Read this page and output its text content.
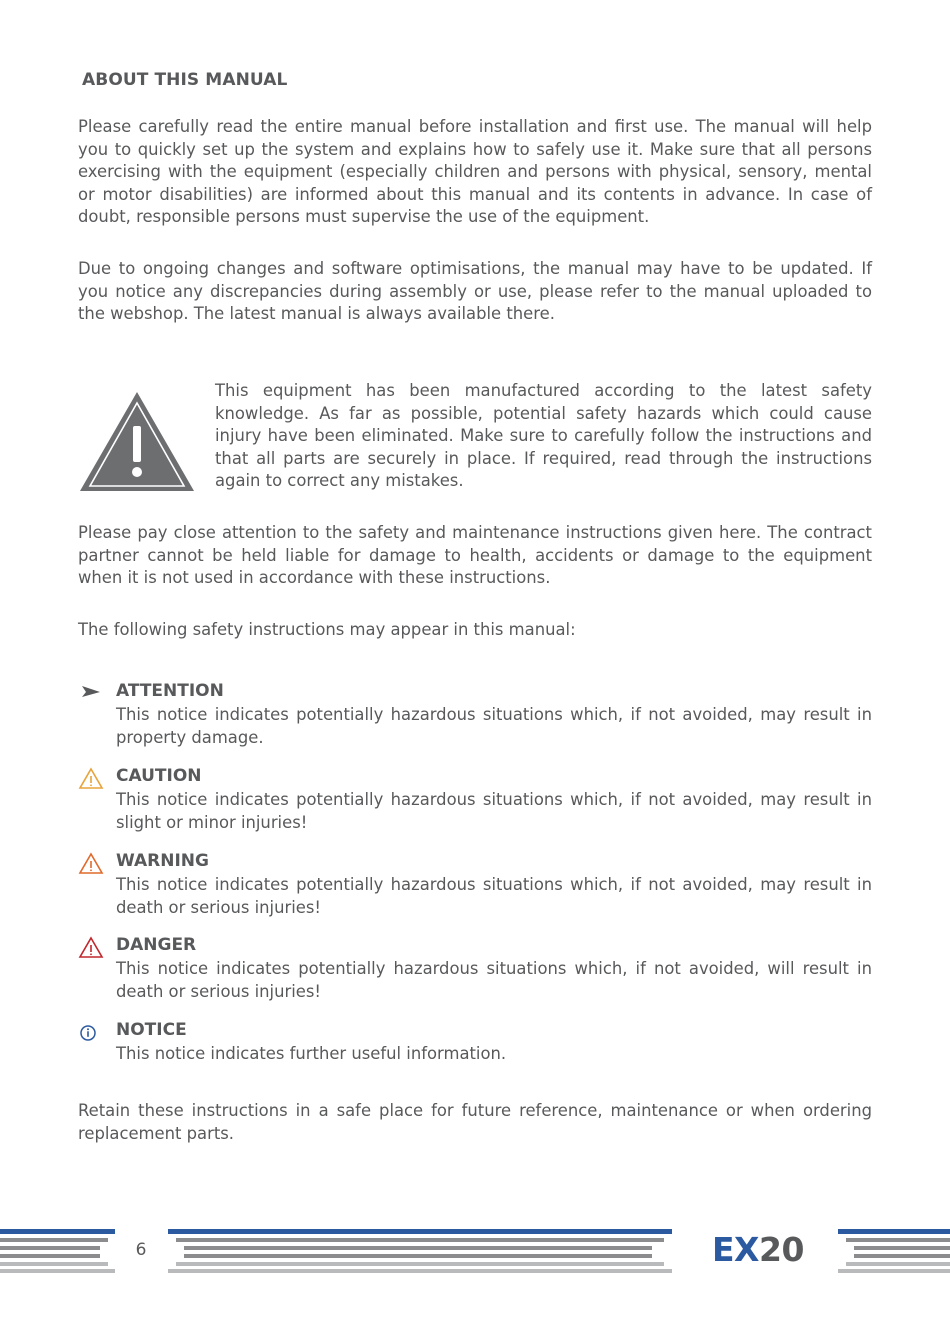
ABOUT THIS MANUAL

Please carefully read the entire manual before installation and first use. The manual will help you to quickly set up the system and explains how to safely use it. Make sure that all persons exercising with the equipment (especially children and persons with physical, sensory, mental or motor disabilities) are informed about this manual and its contents in advance. In case of doubt, responsible persons must supervise the use of the equipment.

Due to ongoing changes and software optimisations, the manual may have to be updated. If you notice any discrepancies during assembly or use, please refer to the manual uploaded to the webshop. The latest manual is always available there.

This equipment has been manufactured according to the latest safety knowledge. As far as possible, potential safety hazards which could cause injury have been eliminated. Make sure to carefully follow the instructions and that all parts are securely in place. If required, read through the instructions again to correct any mistakes.

Please pay close attention to the safety and maintenance instructions given here. The contract partner cannot be held liable for damage to health, accidents or damage to the equipment when it is not used in accordance with these instructions.

The following safety instructions may appear in this manual:

ATTENTION

This notice indicates potentially hazardous situations which, if not avoided, may result in property damage.

CAUTION

This notice indicates potentially hazardous situations which, if not avoided, may result in slight or minor injuries!

WARNING

This notice indicates potentially hazardous situations which, if not avoided, may result in death or serious injuries!

DANGER

This notice indicates potentially hazardous situations which, if not avoided, will result in death or serious injuries!

NOTICE

This notice indicates further useful information.

Retain these instructions in a safe place for future reference, maintenance or when ordering replacement parts.

6	EX20
